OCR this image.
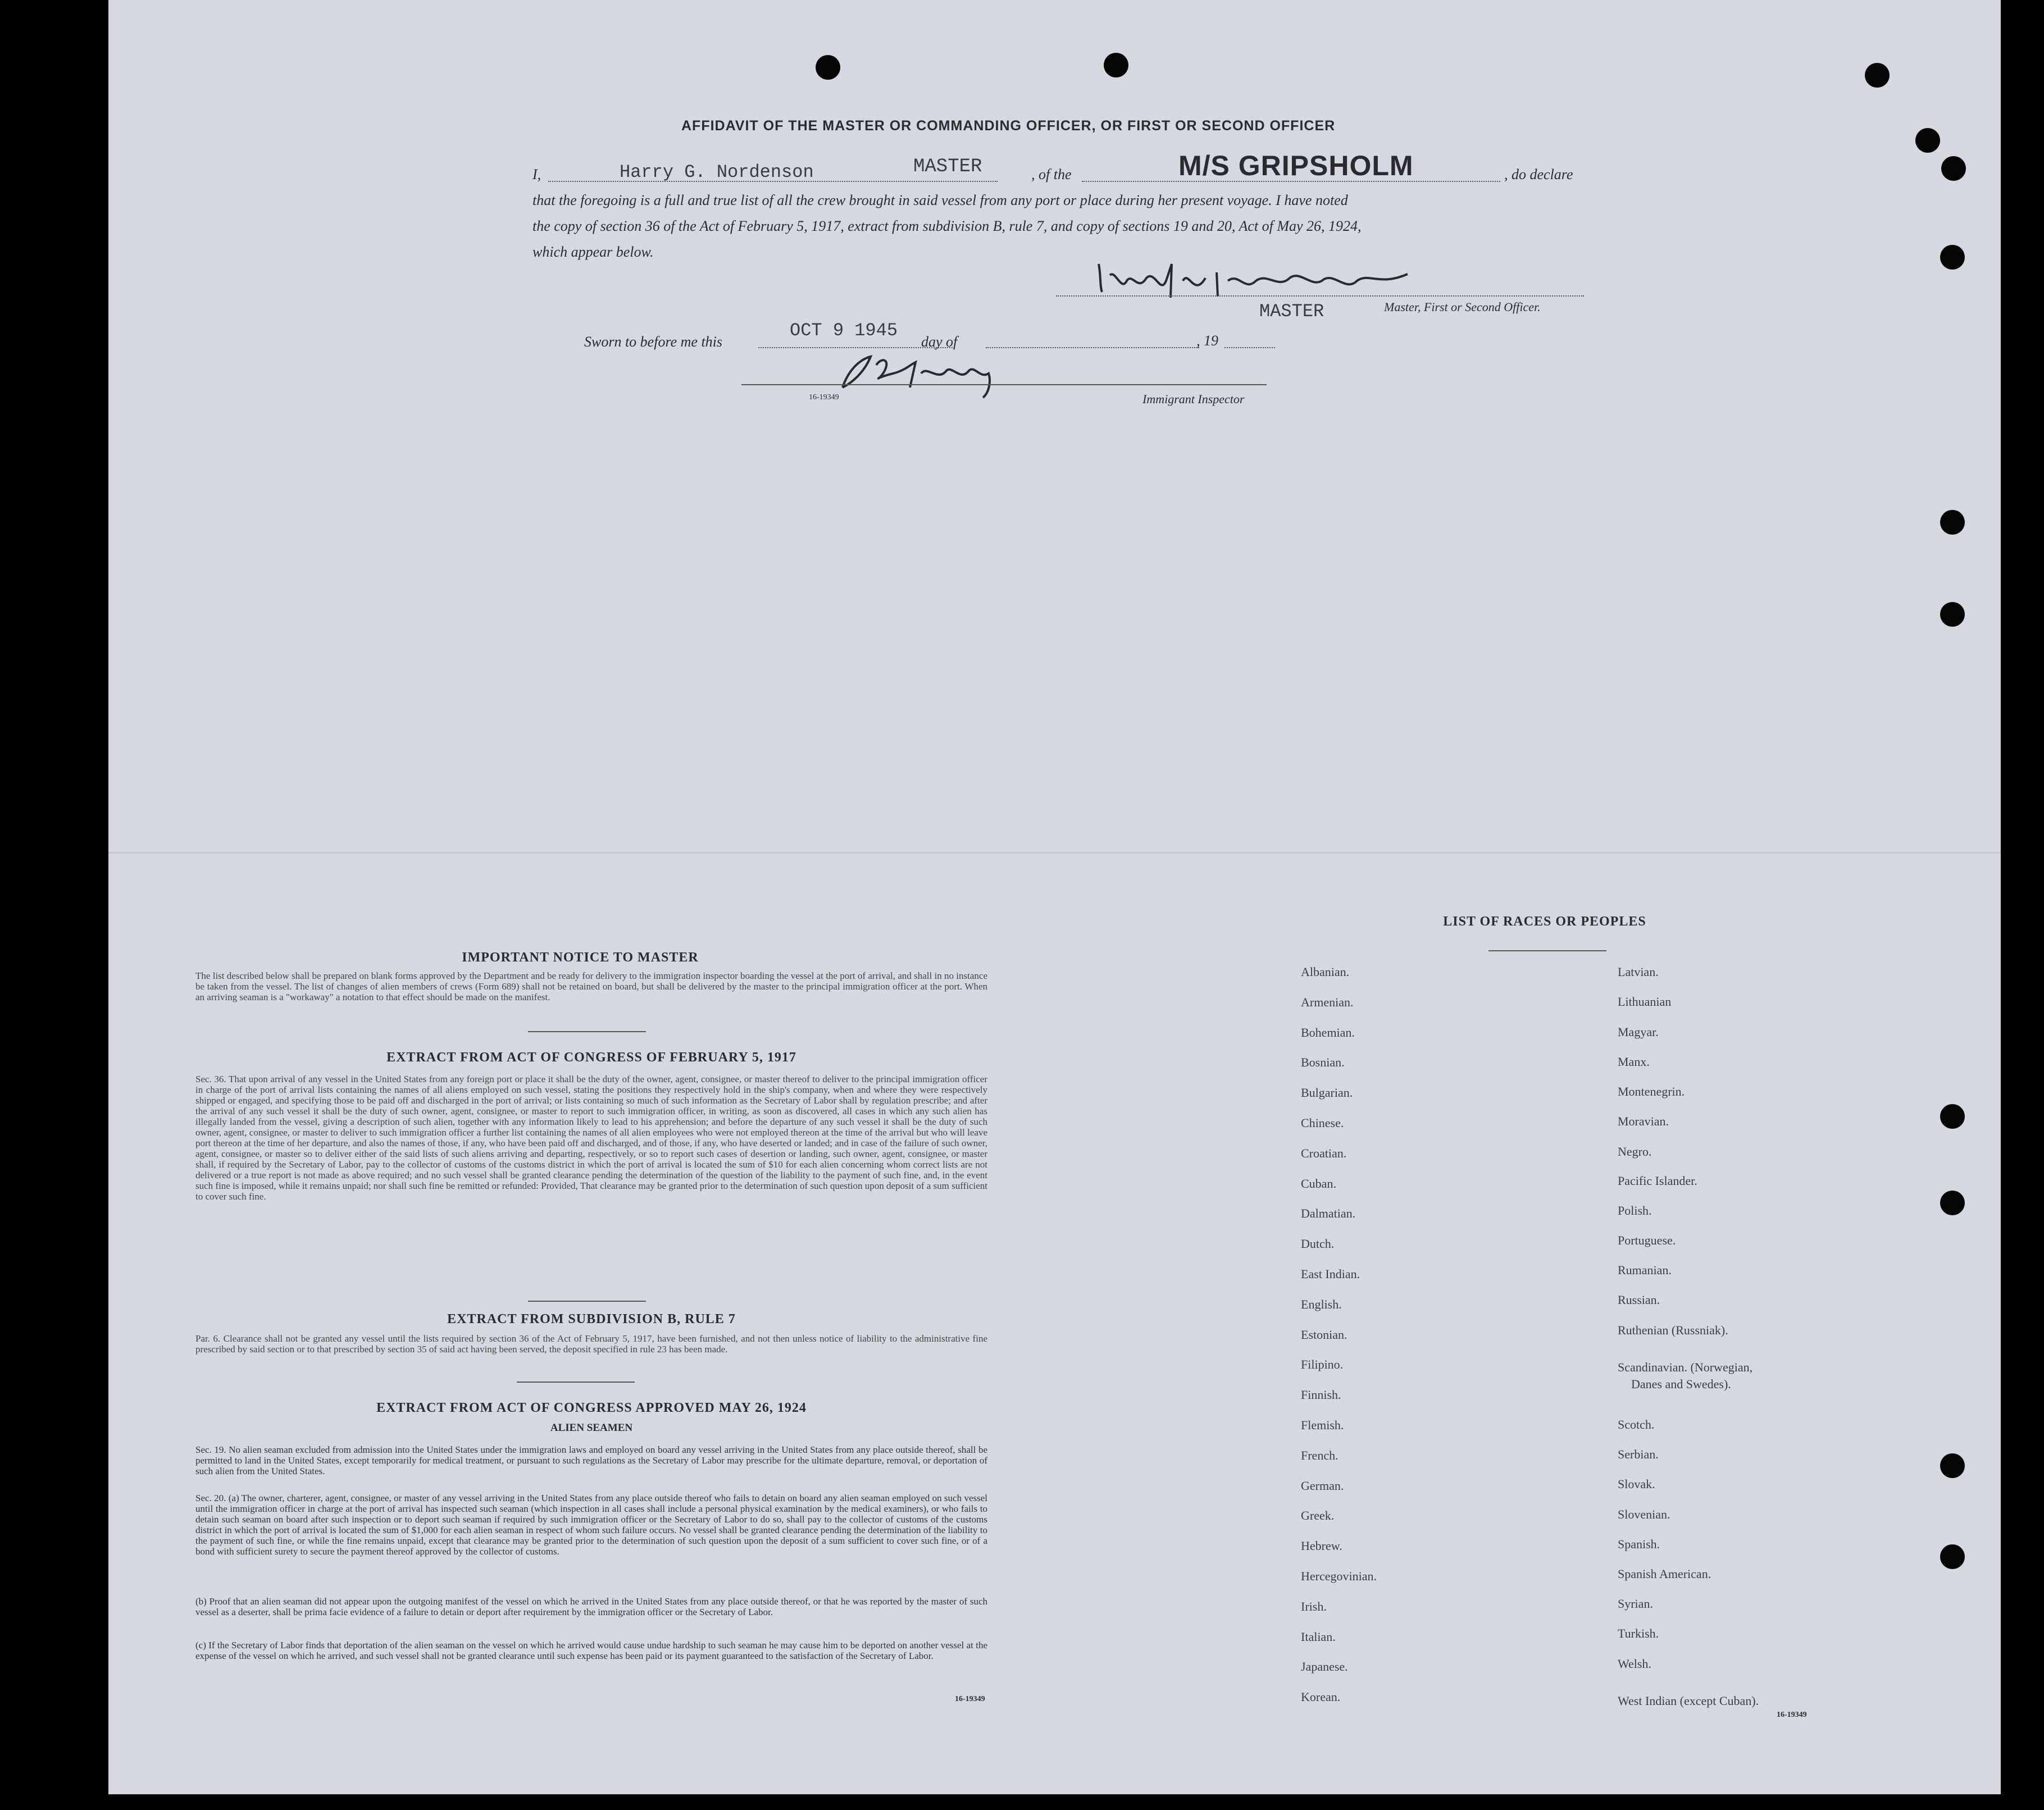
AFFIDAVIT OF THE MASTER OR COMMANDING OFFICER, OR FIRST OR SECOND OFFICER
I,	Harry G. Nordenson	MASTER	, of the	M/S GRIPSHOLM	, do declare
that the foregoing is a full and true list of all the crew brought in said vessel from any port or place during her present voyage. I have noted
the copy of section 36 of the Act of February 5, 1917, extract from subdivision B, rule 7, and copy of sections 19 and 20, Act of May 26, 1924,
which appear below.
MASTER	Master, First or Second Officer.
Sworn to before me this
OCT 9 1945
day of	, 19
16-19349	Immigrant Inspector
IMPORTANT NOTICE TO MASTER
The list described below shall be prepared on blank forms approved by the Department and be ready for delivery to the immigration inspector boarding the vessel at the port of arrival, and shall in no instance be taken from the vessel. The list of changes of alien members of crews (Form 689) shall not be retained on board, but shall be delivered by the master to the principal immigration officer at the port. When an arriving seaman is a "workaway" a notation to that effect should be made on the manifest.
EXTRACT FROM ACT OF CONGRESS OF FEBRUARY 5, 1917
Sec. 36. That upon arrival of any vessel in the United States from any foreign port or place it shall be the duty of the owner, agent, consignee, or master thereof to deliver to the principal immigration officer in charge of the port of arrival lists containing the names of all aliens employed on such vessel, stating the positions they respectively hold in the ship's company, when and where they were respectively shipped or engaged, and specifying those to be paid off and discharged in the port of arrival; or lists containing so much of such information as the Secretary of Labor shall by regulation prescribe; and after the arrival of any such vessel it shall be the duty of such owner, agent, consignee, or master to report to such immigration officer, in writing, as soon as discovered, all cases in which any such alien has illegally landed from the vessel, giving a description of such alien, together with any information likely to lead to his apprehension; and before the departure of any such vessel it shall be the duty of such owner, agent, consignee, or master to deliver to such immigration officer a further list containing the names of all alien employees who were not employed thereon at the time of the arrival but who will leave port thereon at the time of her departure, and also the names of those, if any, who have been paid off and discharged, and of those, if any, who have deserted or landed; and in case of the failure of such owner, agent, consignee, or master so to deliver either of the said lists of such aliens arriving and departing, respectively, or so to report such cases of desertion or landing, such owner, agent, consignee, or master shall, if required by the Secretary of Labor, pay to the collector of customs of the customs district in which the port of arrival is located the sum of $10 for each alien concerning whom correct lists are not delivered or a true report is not made as above required; and no such vessel shall be granted clearance pending the determination of the question of the liability to the payment of such fine, and, in the event such fine is imposed, while it remains unpaid; nor shall such fine be remitted or refunded: Provided, That clearance may be granted prior to the determination of such question upon deposit of a sum sufficient to cover such fine.
EXTRACT FROM SUBDIVISION B, RULE 7
Par. 6. Clearance shall not be granted any vessel until the lists required by section 36 of the Act of February 5, 1917, have been furnished, and not then unless notice of liability to the administrative fine prescribed by said section or to that prescribed by section 35 of said act having been served, the deposit specified in rule 23 has been made.
EXTRACT FROM ACT OF CONGRESS APPROVED MAY 26, 1924
ALIEN SEAMEN
Sec. 19. No alien seaman excluded from admission into the United States under the immigration laws and employed on board any vessel arriving in the United States from any place outside thereof, shall be permitted to land in the United States, except temporarily for medical treatment, or pursuant to such regulations as the Secretary of Labor may prescribe for the ultimate departure, removal, or deportation of such alien from the United States.
Sec. 20. (a) The owner, charterer, agent, consignee, or master of any vessel arriving in the United States from any place outside thereof who fails to detain on board any alien seaman employed on such vessel until the immigration officer in charge at the port of arrival has inspected such seaman (which inspection in all cases shall include a personal physical examination by the medical examiners), or who fails to detain such seaman on board after such inspection or to deport such seaman if required by such immigration officer or the Secretary of Labor to do so, shall pay to the collector of customs of the customs district in which the port of arrival is located the sum of $1,000 for each alien seaman in respect of whom such failure occurs. No vessel shall be granted clearance pending the determination of the liability to the payment of such fine, or while the fine remains unpaid, except that clearance may be granted prior to the determination of such question upon the deposit of a sum sufficient to cover such fine, or of a bond with sufficient surety to secure the payment thereof approved by the collector of customs.
(b) Proof that an alien seaman did not appear upon the outgoing manifest of the vessel on which he arrived in the United States from any place outside thereof, or that he was reported by the master of such vessel as a deserter, shall be prima facie evidence of a failure to detain or deport after requirement by the immigration officer or the Secretary of Labor.
(c) If the Secretary of Labor finds that deportation of the alien seaman on the vessel on which he arrived would cause undue hardship to such seaman he may cause him to be deported on another vessel at the expense of the vessel on which he arrived, and such vessel shall not be granted clearance until such expense has been paid or its payment guaranteed to the satisfaction of the Secretary of Labor.
16-19349
LIST OF RACES OR PEOPLES
Albanian.
Armenian.
Bohemian.
Bosnian.
Bulgarian.
Chinese.
Croatian.
Cuban.
Dalmatian.
Dutch.
East Indian.
English.
Estonian.
Filipino.
Finnish.
Flemish.
French.
German.
Greek.
Hebrew.
Hercegovinian.
Irish.
Italian.
Japanese.
Korean.
Latvian.
Lithuanian
Magyar.
Manx.
Montenegrin.
Moravian.
Negro.
Pacific Islander.
Polish.
Portuguese.
Rumanian.
Russian.
Ruthenian (Russniak).
Scandinavian. (Norwegian,
Scotch.
Serbian.
Slovak.
Slovenian.
Spanish.
Spanish American.
Syrian.
Turkish.
Welsh.
West Indian (except Cuban).
Danes and Swedes).
16-19349
